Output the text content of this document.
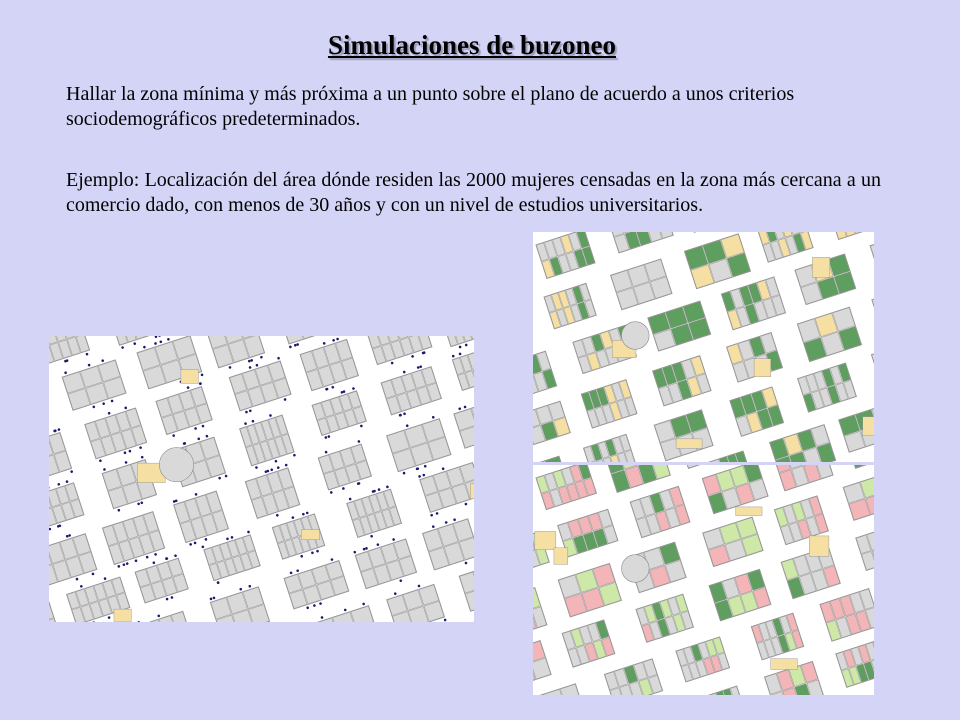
Simulaciones de buzoneo

Hallar la zona mínima y más próxima a un punto sobre el plano de acuerdo a unos criterios sociodemográficos predeterminados.

Ejemplo: Localización del área dónde residen las 2000 mujeres censadas en la zona más cercana a un comercio dado, con menos de 30 años y con un nivel de estudios universitarios.
